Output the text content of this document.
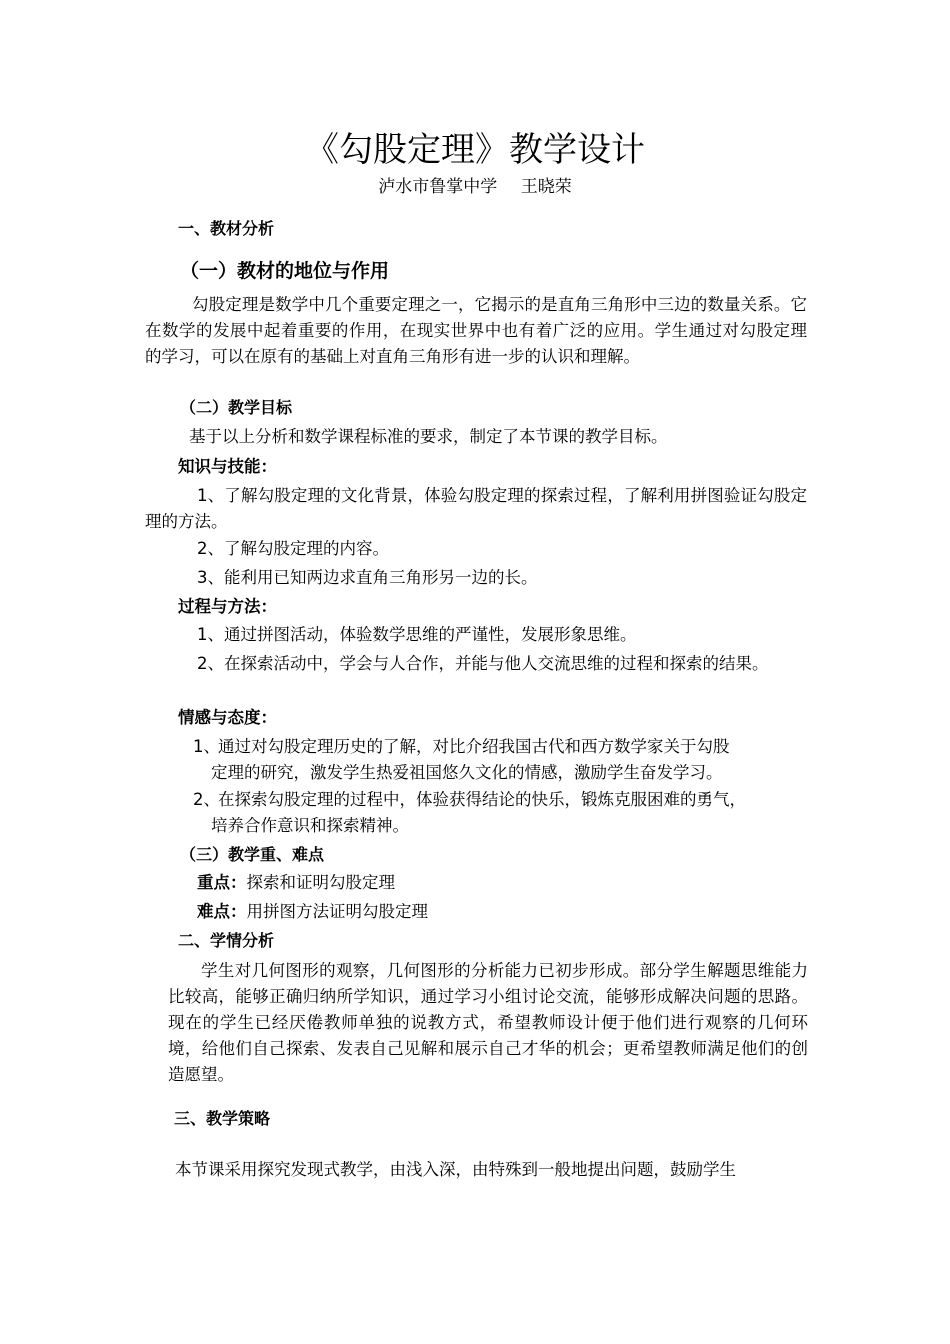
《勾股定理》教学设计
泸水市鲁掌中学 王晓荣
一、教材分析
（一）教材的地位与作用

勾股定理是数学中几个重要定理之一，它揭示的是直角三角形中三边的数量关系。它在数学的发展中起着重要的作用，在现实世界中也有着广泛的应用。学生通过对勾股定理 的学习，可以在原有的基础上对直角三角形有进一步的认识和理解。

（二）教学目标
基于以上分析和数学课程标准的要求，制定了本节课的教学目标。
知识与技能：

1、了解勾股定理的文化背景，体验勾股定理的探索过程，了解利用拼图验证勾股定理的方法。

2、了解勾股定理的内容。
3、能利用已知两边求直角三角形另一边的长。
过程与方法：
1、通过拼图活动，体验数学思维的严谨性，发展形象思维。

2、在探索活动中，学会与人合作，并能与他人交流思维的过程和探索的结果。

情感与态度：
1、
通过对勾股定理历史的了解，对比介绍我国古代和西方数学家关于勾股
定理的研究，激发学生热爱祖国悠久文化的情感，激励学生奋发学习。
2、
在探索勾股定理的过程中，体验获得结论的快乐，锻炼克服困难的勇气，
培养合作意识和探索精神。
（三）教学重、难点
重点：探索和证明勾股定理
难点：用拼图方法证明勾股定理
二、学情分析

学生对几何图形的观察，几何图形的分析能力已初步形成。部分学生解题思维能力比较高，能够正确归纳所学知识，通过学习小组讨论交流，能够形成解决问题的思路。现在的学生已经厌倦教师单独的说教方式，希望教师设计便于他们进行观察的几何环境，给他们自己探索、发表自己见解和展示自己才华的机会；更希望教师满足他们的创造愿望。

三、教学策略
本节课采用探究发现式教学，由浅入深，由特殊到一般地提出问题，鼓励学生
